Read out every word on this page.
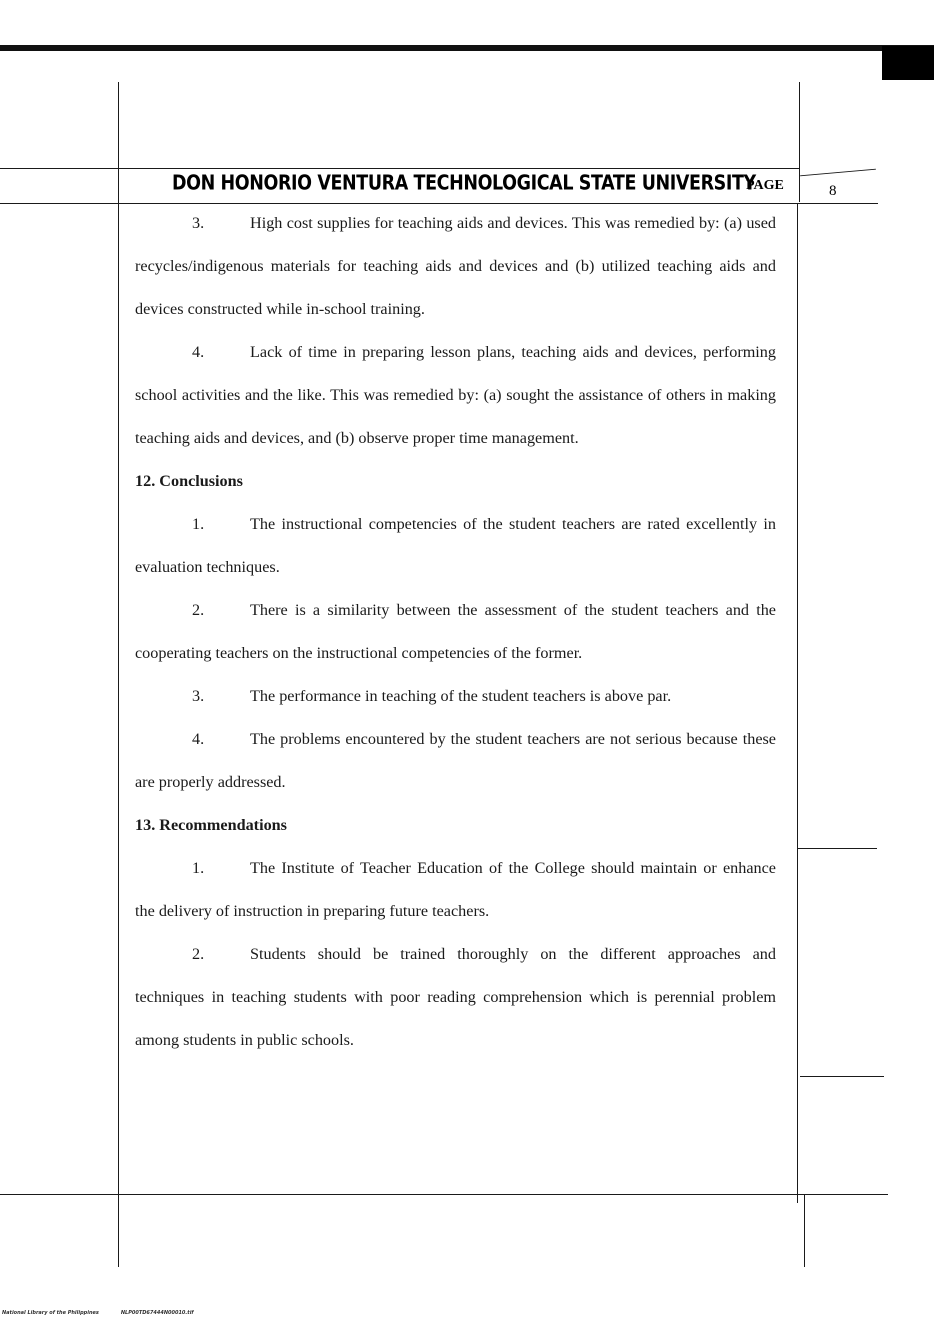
DON HONORIO VENTURA TECHNOLOGICAL STATE UNIVERSITY
PAGE	8

3.	High cost supplies for teaching aids and devices. This was remedied by: (a) used recycles/indigenous materials for teaching aids and devices and (b) utilized teaching aids and devices constructed while in-school training.

4.	Lack of time in preparing lesson plans, teaching aids and devices, performing school activities and the like. This was remedied by: (a) sought the assistance of others in making teaching aids and devices, and (b) observe proper time management.

12. Conclusions

1.	The instructional competencies of the student teachers are rated excellently in evaluation techniques.

2.	There is a similarity between the assessment of the student teachers and the cooperating teachers on the instructional competencies of the former.

3.	The performance in teaching of the student teachers is above par.

4.	The problems encountered by the student teachers are not serious because these are properly addressed.

13. Recommendations

1.	The Institute of Teacher Education of the College should maintain or enhance the delivery of instruction in preparing future teachers.

2.	Students should be trained thoroughly on the different approaches and techniques in teaching students with poor reading comprehension which is perennial problem among students in public schools.

National Library of the Philippines	NLP00TD67444N00010.tif
